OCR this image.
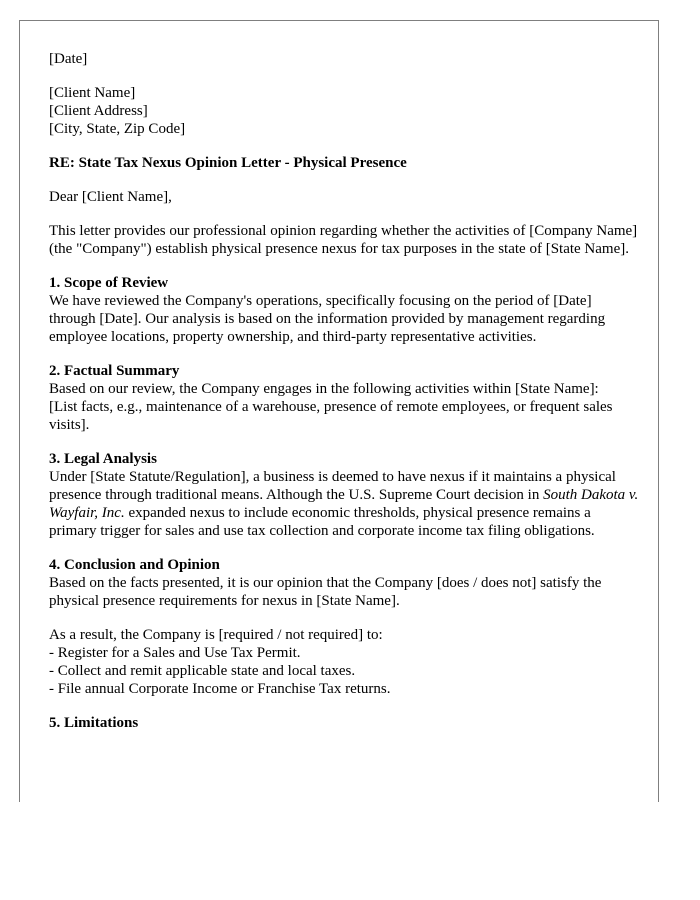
[Date]
[Client Name]
[Client Address]
[City, State, Zip Code]
RE: State Tax Nexus Opinion Letter - Physical Presence
Dear [Client Name],

This letter provides our professional opinion regarding whether the activities of [Company Name] (the "Company") establish physical presence nexus for tax purposes in the state of [State Name].

1. Scope of Review
We have reviewed the Company's operations, specifically focusing on the period of [Date] through [Date]. Our analysis is based on the information provided by management regarding employee locations, property ownership, and third-party representative activities.
2. Factual Summary
Based on our review, the Company engages in the following activities within [State Name]:
[List facts, e.g., maintenance of a warehouse, presence of remote employees, or frequent sales visits].
3. Legal Analysis
Under [State Statute/Regulation], a business is deemed to have nexus if it maintains a physical presence through traditional means. Although the U.S. Supreme Court decision in South Dakota v. Wayfair, Inc. expanded nexus to include economic thresholds, physical presence remains a primary trigger for sales and use tax collection and corporate income tax filing obligations.
4. Conclusion and Opinion
Based on the facts presented, it is our opinion that the Company [does / does not] satisfy the physical presence requirements for nexus in [State Name].
As a result, the Company is [required / not required] to:
- Register for a Sales and Use Tax Permit.
- Collect and remit applicable state and local taxes.
- File annual Corporate Income or Franchise Tax returns.
5. Limitations
